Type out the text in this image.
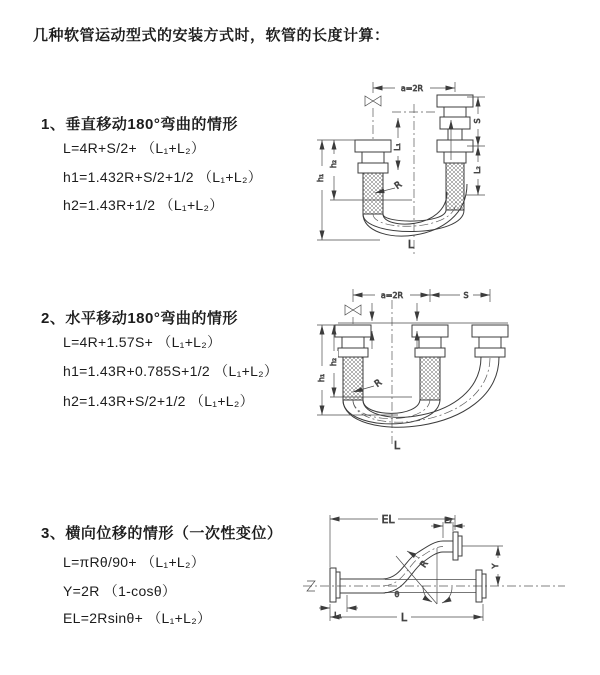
几种软管运动型式的安装方式时，软管的长度计算：
1、垂直移动180°弯曲的情形
L=4R+S/2+ （L₁+L₂）
h1=1.432R+S/2+1/2 （L₁+L₂）
h2=1.43R+1/2 （L₁+L₂）
2、水平移动180°弯曲的情形
L=4R+1.57S+ （L₁+L₂）
h1=1.43R+0.785S+1/2 （L₁+L₂）
h2=1.43R+S/2+1/2 （L₁+L₂）
3、横向位移的情形（一次性变位）
L=πRθ/90+ （L₁+L₂）
Y=2R （1-cosθ）
EL=2Rsinθ+ （L₁+L₂）
a=2R
h₁
h₂
L₁
S
L₂
R
L
a=2R	S
h₁
h₂
R
L
EL	L₂
Y
L₁	L
θ
R
